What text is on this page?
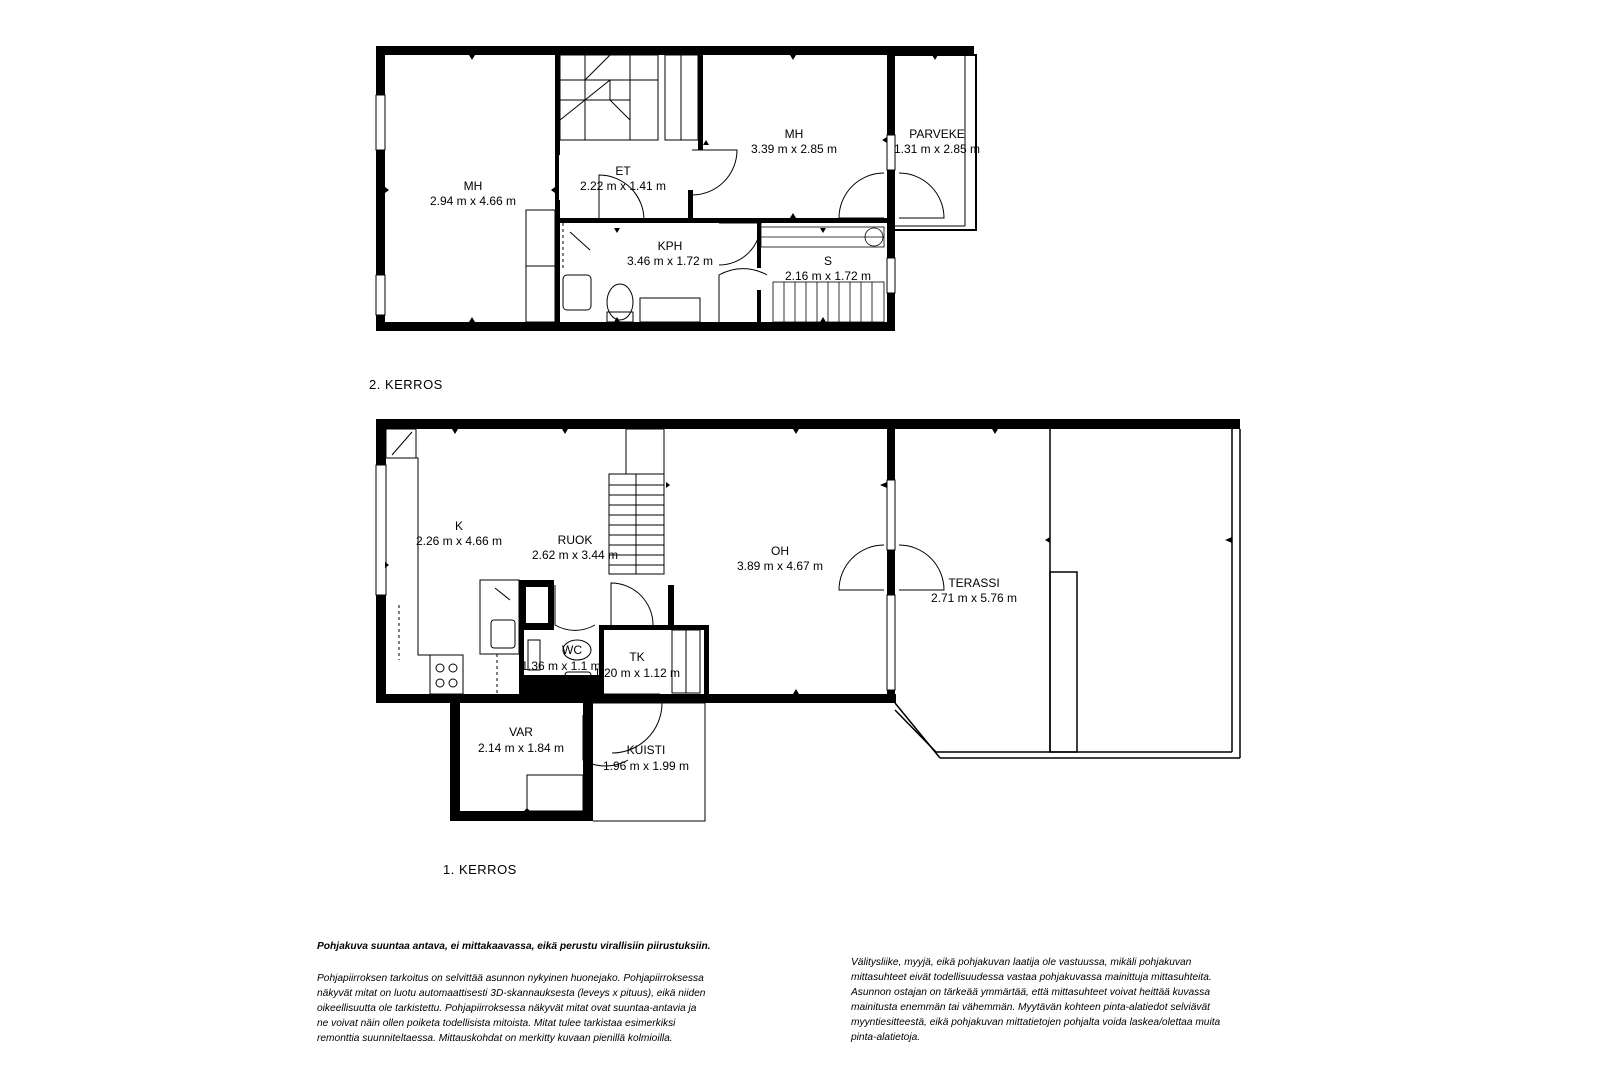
MH
2.94 m x 4.66 m
ET
2.22 m x 1.41 m
MH
3.39 m x 2.85 m
PARVEKE
1.31 m x 2.85 m
KPH
3.46 m x 1.72 m	S
2.16 m x 1.72 m
K
2.26 m x 4.66 m	RUOK
2.62 m x 3.44 m	OH
3.89 m x 4.67 m
TERASSI
2.71 m x 5.76 m
WC
1.36 m x 1.1 m
TK
1.20 m x 1.12 m
VAR
2.14 m x 1.84 m	KUISTI
1.96 m x 1.99 m
2. KERROS
1. KERROS

Pohjakuva suuntaa antava, ei mittakaavassa, eikä perustu virallisiin piirustuksiin.

Pohjapiirroksen tarkoitus on selvittää asunnon nykyinen huonejako. Pohjapiirroksessa

näkyvät mitat on luotu automaattisesti 3D-skannauksesta (leveys x pituus), eikä niiden

oikeellisuutta ole tarkistettu. Pohjapiirroksessa näkyvät mitat ovat suuntaa-antavia ja

ne voivat näin ollen poiketa todellisista mitoista. Mitat tulee tarkistaa esimerkiksi

remonttia suunniteltaessa. Mittauskohdat on merkitty kuvaan pienillä kolmioilla.

Välitysliike, myyjä, eikä pohjakuvan laatija ole vastuussa, mikäli pohjakuvan

mittasuhteet eivät todellisuudessa vastaa pohjakuvassa mainittuja mittasuhteita.

Asunnon ostajan on tärkeää ymmärtää, että mittasuhteet voivat heittää kuvassa

mainitusta enemmän tai vähemmän. Myytävän kohteen pinta-alatiedot selviävät

myyntiesitteestä, eikä pohjakuvan mittatietojen pohjalta voida laskea/olettaa muita

pinta-alatietoja.
